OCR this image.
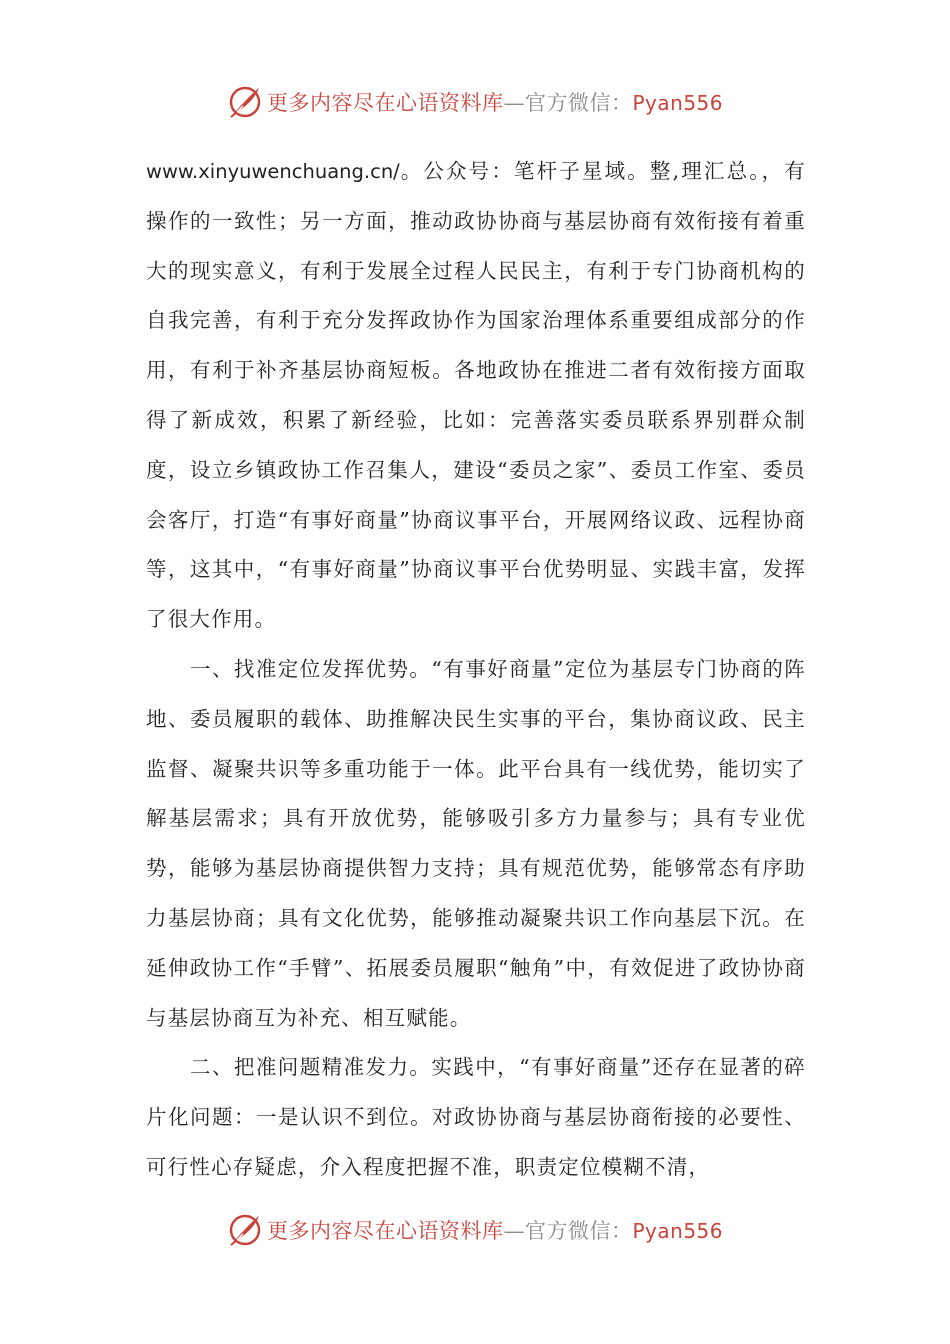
更多内容尽在心语资料库—官方微信：Pyan556

www.xinyuwenchuang.cn/。公众号：笔杆子星域。整,理汇总。，有操作的一致性；另一方面，推动政协协商与基层协商有效衔接有着重大的现实意义，有利于发展全过程人民民主，有利于专门协商机构的自我完善，有利于充分发挥政协作为国家治理体系重要组成部分的作用，有利于补齐基层协商短板。各地政协在推进二者有效衔接方面取得了新成效，积累了新经验，比如：完善落实委员联系界别群众制度，设立乡镇政协工作召集人，建设“委员之家”、委员工作室、委员会客厅，打造“有事好商量”协商议事平台，开展网络议政、远程协商等，这其中，“有事好商量”协商议事平台优势明显、实践丰富，发挥了很大作用。

一、找准定位发挥优势。“有事好商量”定位为基层专门协商的阵地、委员履职的载体、助推解决民生实事的平台，集协商议政、民主监督、凝聚共识等多重功能于一体。此平台具有一线优势，能切实了解基层需求；具有开放优势，能够吸引多方力量参与；具有专业优势，能够为基层协商提供智力支持；具有规范优势，能够常态有序助力基层协商；具有文化优势，能够推动凝聚共识工作向基层下沉。在延伸政协工作“手臂”、拓展委员履职“触角”中，有效促进了政协协商与基层协商互为补充、相互赋能。

二、把准问题精准发力。实践中，“有事好商量”还存在显著的碎片化问题：一是认识不到位。对政协协商与基层协商衔接的必要性、可行性心存疑虑，介入程度把握不准，职责定位模糊不清，

更多内容尽在心语资料库—官方微信：Pyan556
